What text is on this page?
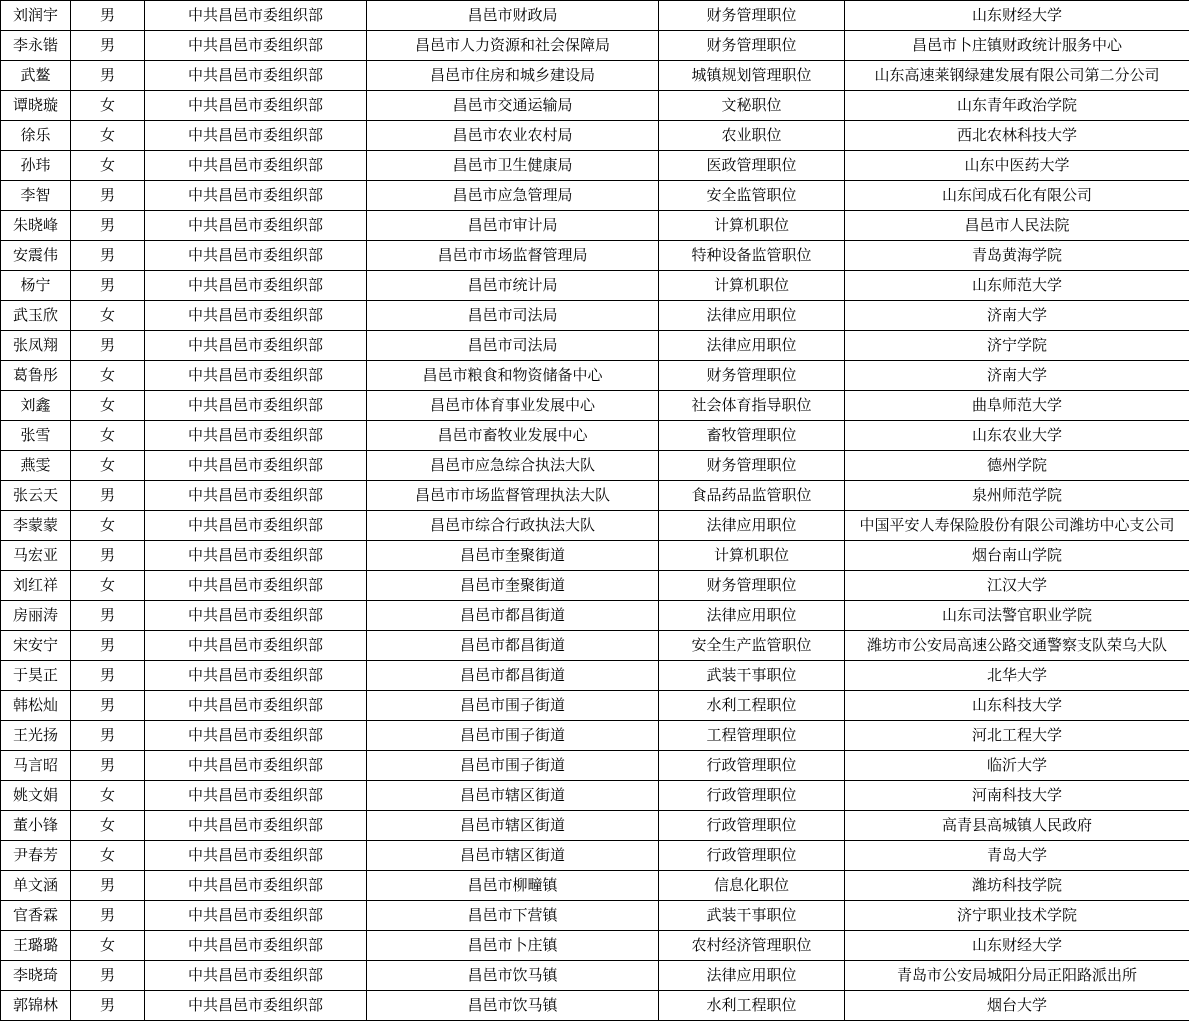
刘润宇	男	中共昌邑市委组织部	昌邑市财政局	财务管理职位	山东财经大学
李永锴	男	中共昌邑市委组织部	昌邑市人力资源和社会保障局	财务管理职位	昌邑市卜庄镇财政统计服务中心
武鳌	男	中共昌邑市委组织部	昌邑市住房和城乡建设局	城镇规划管理职位	山东高速莱钢绿建发展有限公司第二分公司
谭晓璇	女	中共昌邑市委组织部	昌邑市交通运输局	文秘职位	山东青年政治学院
徐乐	女	中共昌邑市委组织部	昌邑市农业农村局	农业职位	西北农林科技大学
孙玮	女	中共昌邑市委组织部	昌邑市卫生健康局	医政管理职位	山东中医药大学
李智	男	中共昌邑市委组织部	昌邑市应急管理局	安全监管职位	山东闰成石化有限公司
朱晓峰	男	中共昌邑市委组织部	昌邑市审计局	计算机职位	昌邑市人民法院
安震伟	男	中共昌邑市委组织部	昌邑市市场监督管理局	特种设备监管职位	青岛黄海学院
杨宁	男	中共昌邑市委组织部	昌邑市统计局	计算机职位	山东师范大学
武玉欣	女	中共昌邑市委组织部	昌邑市司法局	法律应用职位	济南大学
张凤翔	男	中共昌邑市委组织部	昌邑市司法局	法律应用职位	济宁学院
葛鲁彤	女	中共昌邑市委组织部	昌邑市粮食和物资储备中心	财务管理职位	济南大学
刘鑫	女	中共昌邑市委组织部	昌邑市体育事业发展中心	社会体育指导职位	曲阜师范大学
张雪	女	中共昌邑市委组织部	昌邑市畜牧业发展中心	畜牧管理职位	山东农业大学
燕雯	女	中共昌邑市委组织部	昌邑市应急综合执法大队	财务管理职位	德州学院
张云天	男	中共昌邑市委组织部	昌邑市市场监督管理执法大队	食品药品监管职位	泉州师范学院
李蒙蒙	女	中共昌邑市委组织部	昌邑市综合行政执法大队	法律应用职位	中国平安人寿保险股份有限公司潍坊中心支公司
马宏亚	男	中共昌邑市委组织部	昌邑市奎聚街道	计算机职位	烟台南山学院
刘红祥	女	中共昌邑市委组织部	昌邑市奎聚街道	财务管理职位	江汉大学
房丽涛	男	中共昌邑市委组织部	昌邑市都昌街道	法律应用职位	山东司法警官职业学院
宋安宁	男	中共昌邑市委组织部	昌邑市都昌街道	安全生产监管职位	潍坊市公安局高速公路交通警察支队荣乌大队
于昊正	男	中共昌邑市委组织部	昌邑市都昌街道	武装干事职位	北华大学
韩松灿	男	中共昌邑市委组织部	昌邑市围子街道	水利工程职位	山东科技大学
王光扬	男	中共昌邑市委组织部	昌邑市围子街道	工程管理职位	河北工程大学
马言昭	男	中共昌邑市委组织部	昌邑市围子街道	行政管理职位	临沂大学
姚文娟	女	中共昌邑市委组织部	昌邑市辖区街道	行政管理职位	河南科技大学
董小锋	女	中共昌邑市委组织部	昌邑市辖区街道	行政管理职位	高青县高城镇人民政府
尹春芳	女	中共昌邑市委组织部	昌邑市辖区街道	行政管理职位	青岛大学
单文涵	男	中共昌邑市委组织部	昌邑市柳疃镇	信息化职位	潍坊科技学院
官香霖	男	中共昌邑市委组织部	昌邑市下营镇	武装干事职位	济宁职业技术学院
王璐璐	女	中共昌邑市委组织部	昌邑市卜庄镇	农村经济管理职位	山东财经大学
李晓琦	男	中共昌邑市委组织部	昌邑市饮马镇	法律应用职位	青岛市公安局城阳分局正阳路派出所
郭锦林	男	中共昌邑市委组织部	昌邑市饮马镇	水利工程职位	烟台大学
